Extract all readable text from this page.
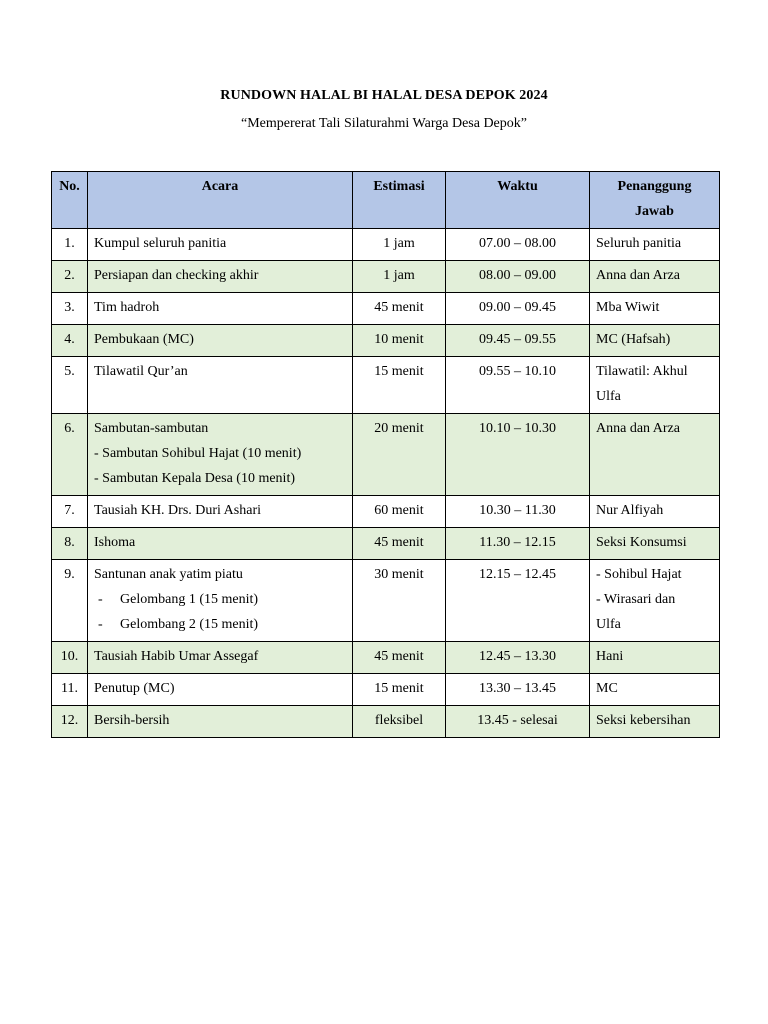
RUNDOWN HALAL BI HALAL DESA DEPOK 2024
“Mempererat Tali Silaturahmi Warga Desa Depok”
No.	Acara	Estimasi	Waktu	Penanggung
Jawab

1.	Kumpul seluruh panitia	1 jam	07.00 – 08.00	Seluruh panitia
2.	Persiapan dan checking akhir	1 jam	08.00 – 09.00	Anna dan Arza
3.	Tim hadroh	45 menit	09.00 – 09.45	Mba Wiwit
4.	Pembukaan (MC)	10 menit	09.45 – 09.55	MC (Hafsah)
5.	Tilawatil Qur’an	15 menit	09.55 – 10.10	Tilawatil: Akhul
Ulfa

6.	Sambutan-sambutan
- Sambutan Sohibul Hajat (10 menit)
- Sambutan Kepala Desa (10 menit)	20 menit	10.10 – 10.30	Anna dan Arza
7.	Tausiah KH. Drs. Duri Ashari	60 menit	10.30 – 11.30	Nur Alfiyah
8.	Ishoma	45 menit	11.30 – 12.15	Seksi Konsumsi
9.	Santunan anak yatim piatu
- Gelombang 1 (15 menit)
- Gelombang 2 (15 menit)	30 menit	12.15 – 12.45	- Sohibul Hajat
- Wirasari dan
Ulfa

10.	Tausiah Habib Umar Assegaf	45 menit	12.45 – 13.30	Hani
11.	Penutup (MC)	15 menit	13.30 – 13.45	MC
12.	Bersih-bersih	fleksibel	13.45 - selesai	Seksi kebersihan
